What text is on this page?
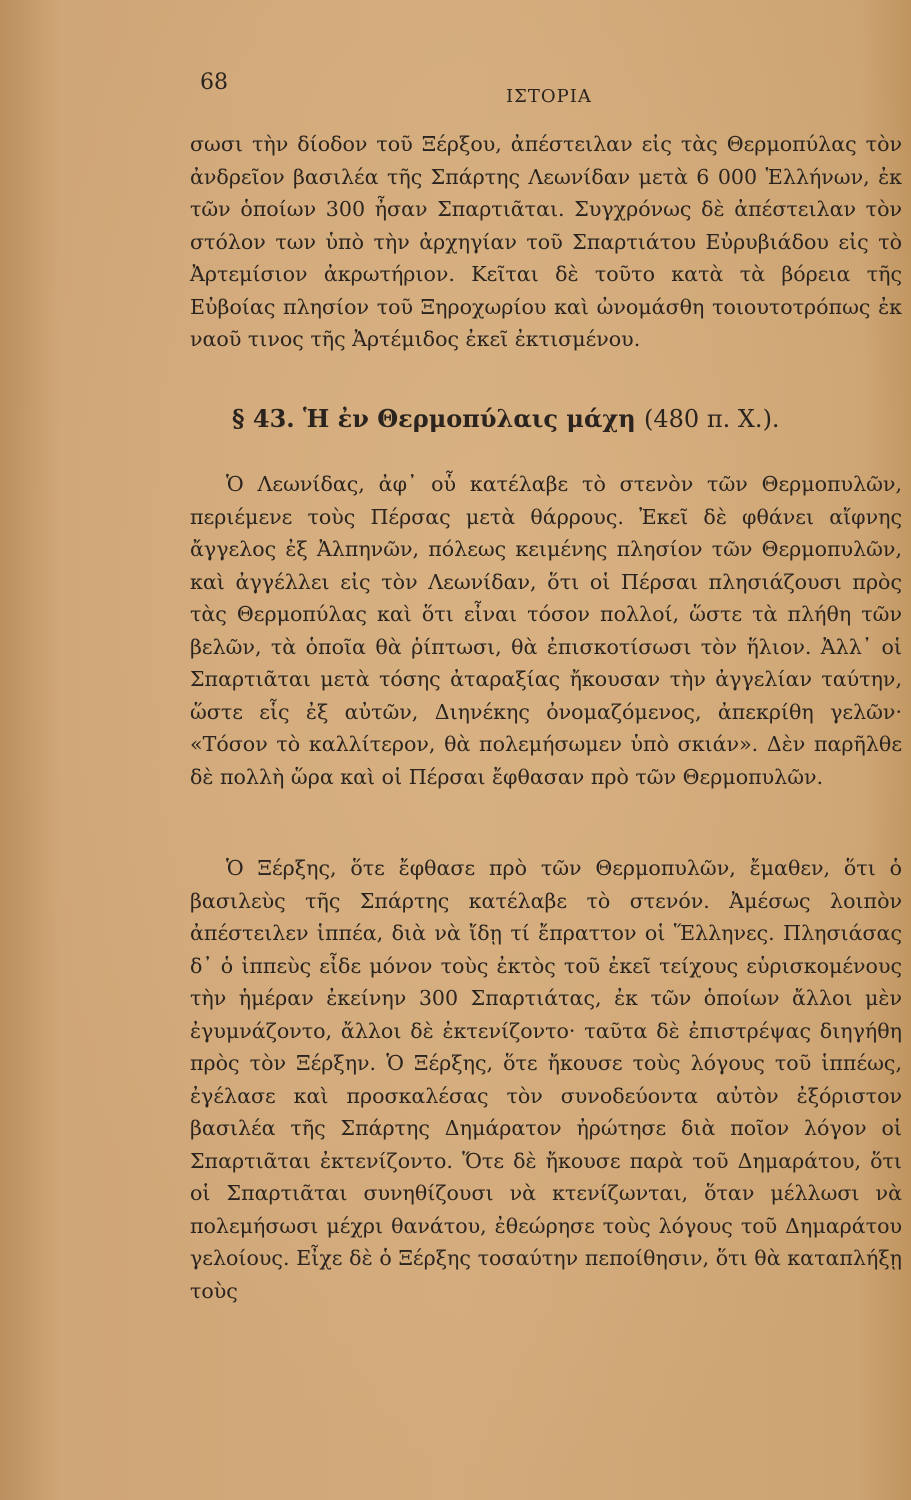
68
ΙΣΤΟΡΙΑ

σωσι τὴν δίοδον τοῦ Ξέρξου, ἀπέστειλαν εἰς τὰς Θερμοπύλας τὸν ἀνδρεῖον βασιλέα τῆς Σπάρτης Λεωνίδαν μετὰ 6 000 Ἑλλήνων, ἐκ τῶν ὁποίων 300 ἦσαν Σπαρτιᾶται. Συγχρόνως δὲ ἀπέστειλαν τὸν στόλον των ὑπὸ τὴν ἀρχηγίαν τοῦ Σπαρτιάτου Εὐρυβιάδου εἰς τὸ Ἀρτεμίσιον ἀκρωτήριον. Κεῖται δὲ τοῦτο κατὰ τὰ βόρεια τῆς Εὐβοίας πλησίον τοῦ Ξηροχωρίου καὶ ὠνομάσθη τοιουτοτρόπως ἐκ ναοῦ τινος τῆς Ἀρτέμιδος ἐκεῖ ἐκτισμένου.

§ 43. Ἡ ἐν Θερμοπύλαις μάχη (480 π. Χ.).

Ὁ Λεωνίδας, ἀφ᾽ οὗ κατέλαβε τὸ στενὸν τῶν Θερμοπυλῶν, περιέμενε τοὺς Πέρσας μετὰ θάρρους. Ἐκεῖ δὲ φθάνει αἴφνης ἄγγελος ἐξ Ἀλπηνῶν, πόλεως κειμένης πλησίον τῶν Θερμοπυλῶν, καὶ ἀγγέλλει εἰς τὸν Λεωνίδαν, ὅτι οἱ Πέρσαι πλησιάζουσι πρὸς τὰς Θερμοπύλας καὶ ὅτι εἶναι τόσον πολλοί, ὥστε τὰ πλήθη τῶν βελῶν, τὰ ὁποῖα θὰ ῥίπτωσι, θὰ ἐπισκοτίσωσι τὸν ἥλιον. Ἀλλ᾽ οἱ Σπαρτιᾶται μετὰ τόσης ἀταραξίας ἤκουσαν τὴν ἀγγελίαν ταύτην, ὥστε εἷς ἐξ αὐτῶν, Διηνέκης ὀνομαζόμενος, ἀπεκρίθη γελῶν· «Τόσον τὸ καλλίτερον, θὰ πολεμήσωμεν ὑπὸ σκιάν». Δὲν παρῆλθε δὲ πολλὴ ὥρα καὶ οἱ Πέρσαι ἔφθασαν πρὸ τῶν Θερμοπυλῶν.

Ὁ Ξέρξης, ὅτε ἔφθασε πρὸ τῶν Θερμοπυλῶν, ἔμαθεν, ὅτι ὁ βασιλεὺς τῆς Σπάρτης κατέλαβε τὸ στενόν. Ἀμέσως λοιπὸν ἀπέστειλεν ἱππέα, διὰ νὰ ἴδῃ τί ἔπραττον οἱ Ἕλληνες. Πλησιάσας δ᾽ ὁ ἱππεὺς εἶδε μόνον τοὺς ἐκτὸς τοῦ ἐκεῖ τείχους εὑρισκομένους τὴν ἡμέραν ἐκείνην 300 Σπαρτιάτας, ἐκ τῶν ὁποίων ἄλλοι μὲν ἐγυμνάζοντο, ἄλλοι δὲ ἐκτενίζοντο· ταῦτα δὲ ἐπιστρέψας διηγήθη πρὸς τὸν Ξέρξην. Ὁ Ξέρξης, ὅτε ἤκουσε τοὺς λόγους τοῦ ἱππέως, ἐγέλασε καὶ προσκαλέσας τὸν συνοδεύοντα αὐτὸν ἐξόριστον βασιλέα τῆς Σπάρτης Δημάρατον ἠρώτησε διὰ ποῖον λόγον οἱ Σπαρτιᾶται ἐκτενίζοντο. Ὅτε δὲ ἤκουσε παρὰ τοῦ Δημαράτου, ὅτι οἱ Σπαρτιᾶται συνηθίζουσι νὰ κτενίζωνται, ὅταν μέλλωσι νὰ πολεμήσωσι μέχρι θανάτου, ἐθεώρησε τοὺς λόγους τοῦ Δημαράτου γελοίους. Εἶχε δὲ ὁ Ξέρξης τοσαύτην πεποίθησιν, ὅτι θὰ καταπλήξῃ τοὺς
